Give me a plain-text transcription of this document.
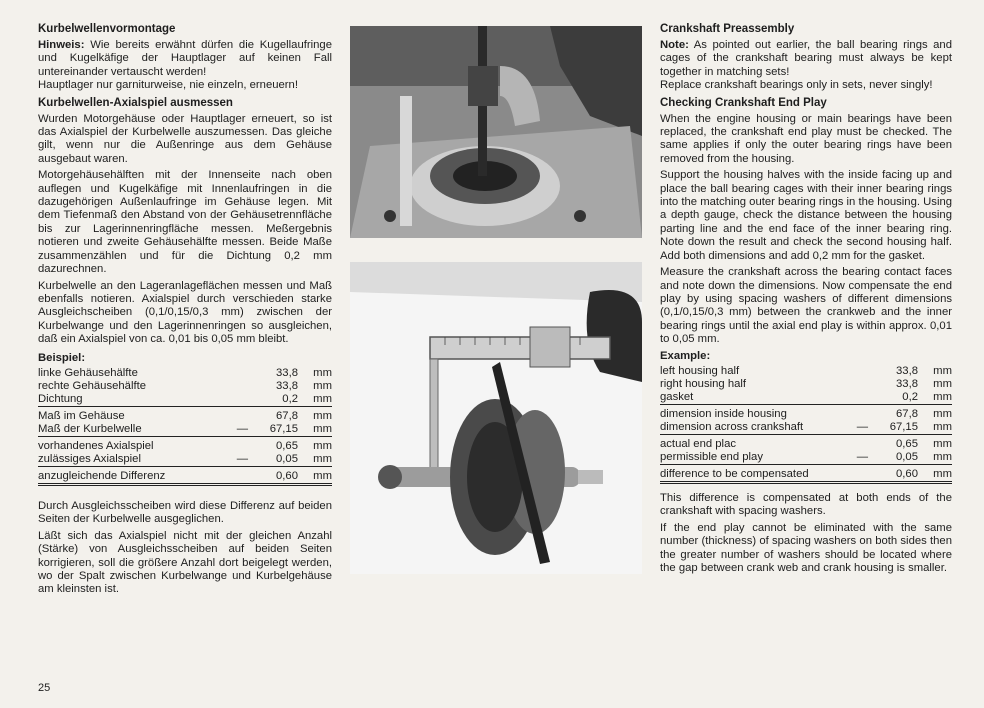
Kurbelwellenvormontage

Hinweis: Wie bereits erwähnt dürfen die Kugellaufringe und Kugelkäfige der Hauptlager auf keinen Fall untereinander vertauscht werden!
Hauptlager nur garniturweise, nie einzeln, erneuern!

Kurbelwellen-Axialspiel ausmessen

Wurden Motorgehäuse oder Hauptlager erneuert, so ist das Axialspiel der Kurbelwelle auszumessen. Das gleiche gilt, wenn nur die Außenringe aus dem Gehäuse ausgebaut waren.

Motorgehäusehälften mit der Innenseite nach oben auflegen und Kugelkäfige mit Innenlaufringen in die dazugehörigen Außenlaufringe im Gehäuse legen. Mit dem Tiefenmaß den Abstand von der Gehäusetrennfläche bis zur Lagerinnenringfläche messen. Meßergebnis notieren und zweite Gehäusehälfte messen. Beide Maße zusammenzählen und für die Dichtung 0,2 mm dazurechnen.

Kurbelwelle an den Lageranlageflächen messen und Maß ebenfalls notieren. Axialspiel durch verschieden starke Ausgleichscheiben (0,1/0,15/0,3 mm) zwischen der Kurbelwange und den Lagerinnenringen so ausgleichen, daß ein Axialspiel von ca. 0,01 bis 0,05 mm bleibt.

Beispiel:
linke Gehäusehälfte		33,8	mm
rechte Gehäusehälfte		33,8	mm
Dichtung		0,2	mm
Maß im Gehäuse		67,8	mm
Maß der Kurbelwelle	—	67,15	mm
vorhandenes Axialspiel		0,65	mm
zulässiges Axialspiel	—	0,05	mm
anzugleichende Differenz		0,60	mm

Durch Ausgleichsscheiben wird diese Differenz auf beiden Seiten der Kurbelwelle ausgeglichen.

Läßt sich das Axialspiel nicht mit der gleichen Anzahl (Stärke) von Ausgleichsscheiben auf beiden Seiten korrigieren, soll die größere Anzahl dort beigelegt werden, wo der Spalt zwischen Kurbelwange und Kurbelgehäuse am kleinsten ist.

Crankshaft Preassembly

Note: As pointed out earlier, the ball bearing rings and cages of the crankshaft bearing must always be kept together in matching sets!
Replace crankshaft bearings only in sets, never singly!

Checking Crankshaft End Play

When the engine housing or main bearings have been replaced, the crankshaft end play must be checked. The same applies if only the outer bearing rings have been removed from the housing.

Support the housing halves with the inside facing up and place the ball bearing cages with their inner bearing rings into the matching outer bearing rings in the housing. Using a depth gauge, check the distance between the housing parting line and the end face of the inner bearing ring. Note down the result and check the second housing half. Add both dimensions and add 0,2 mm for the gasket.

Measure the crankshaft across the bearing contact faces and note down the dimensions. Now compensate the end play by using spacing washers of different dimensions (0,1/0,15/0,3 mm) between the crankweb and the inner bearing rings until the axial end play is within approx. 0,01 to 0,05 mm.

Example:
left housing half		33,8	mm
right housing half		33,8	mm
gasket		0,2	mm
dimension inside housing		67,8	mm
dimension across crankshaft	—	67,15	mm
actual end plac		0,65	mm
permissible end play	—	0,05	mm
difference to be compensated		0,60	mm

This difference is compensated at both ends of the crankshaft with spacing washers.

If the end play cannot be eliminated with the same number (thickness) of spacing washers on both sides then the greater number of washers should be located where the gap between crank web and crank housing is smaller.

25
